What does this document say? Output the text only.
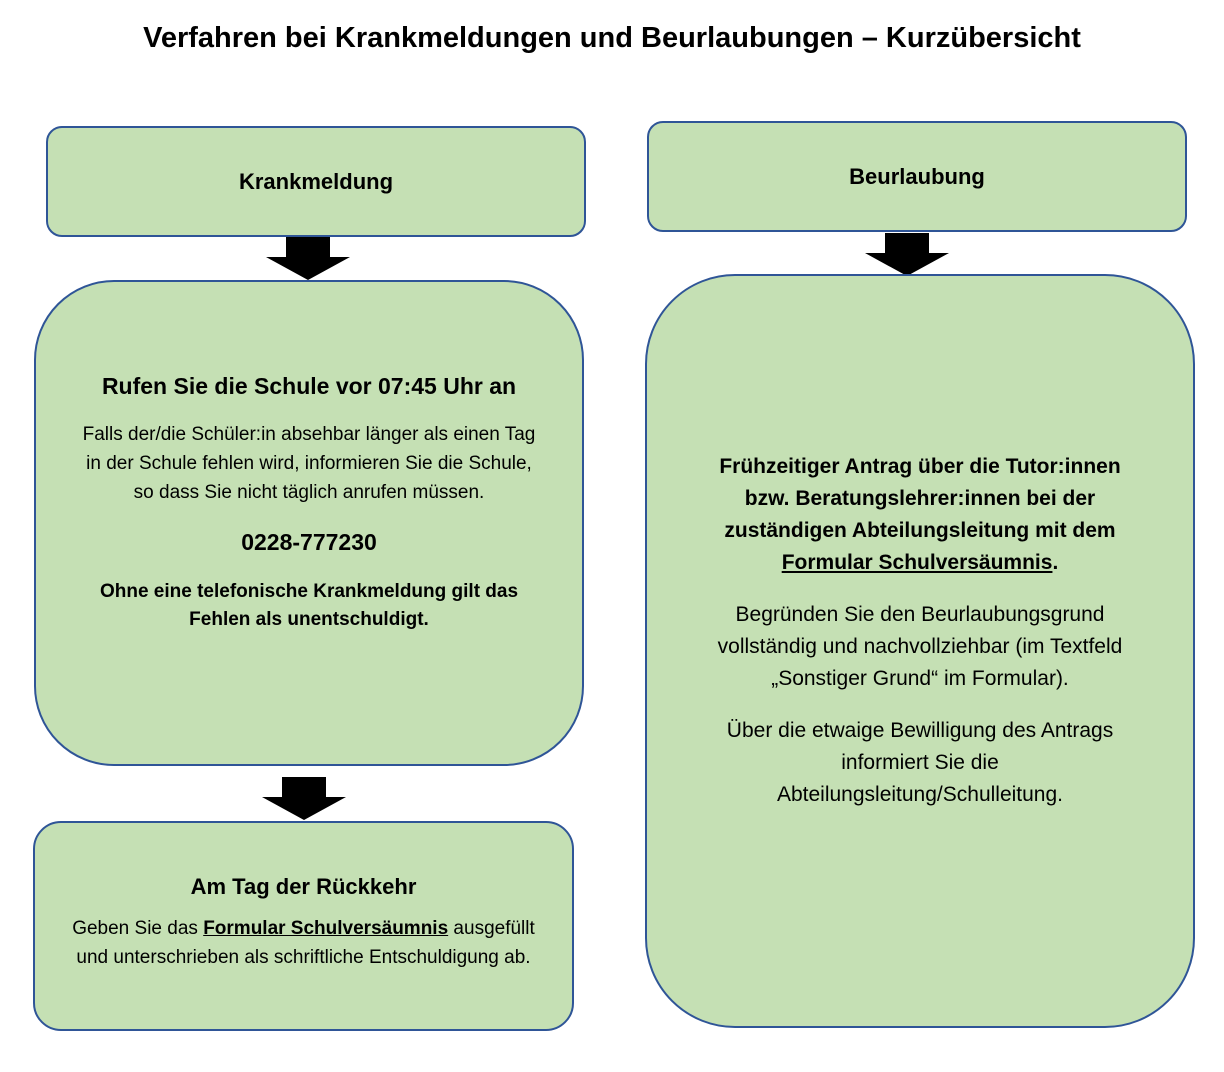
Verfahren bei Krankmeldungen und Beurlaubungen – Kurzübersicht

Krankmeldung

Rufen Sie die Schule vor 07:45 Uhr an

Falls der/die Schüler:in absehbar länger als einen Tag in der Schule fehlen wird, informieren Sie die Schule, so dass Sie nicht täglich anrufen müssen.

0228-777230

Ohne eine telefonische Krankmeldung gilt das Fehlen als unentschuldigt.

Am Tag der Rückkehr

Geben Sie das Formular Schulversäumnis ausgefüllt und unterschrieben als schriftliche Entschuldigung ab.

Beurlaubung

Frühzeitiger Antrag über die Tutor:innen bzw. Beratungslehrer:innen bei der zuständigen Abteilungsleitung mit dem Formular Schulversäumnis.

Begründen Sie den Beurlaubungsgrund vollständig und nachvollziehbar (im Textfeld „Sonstiger Grund“ im Formular).

Über die etwaige Bewilligung des Antrags informiert Sie die Abteilungsleitung/Schulleitung.
